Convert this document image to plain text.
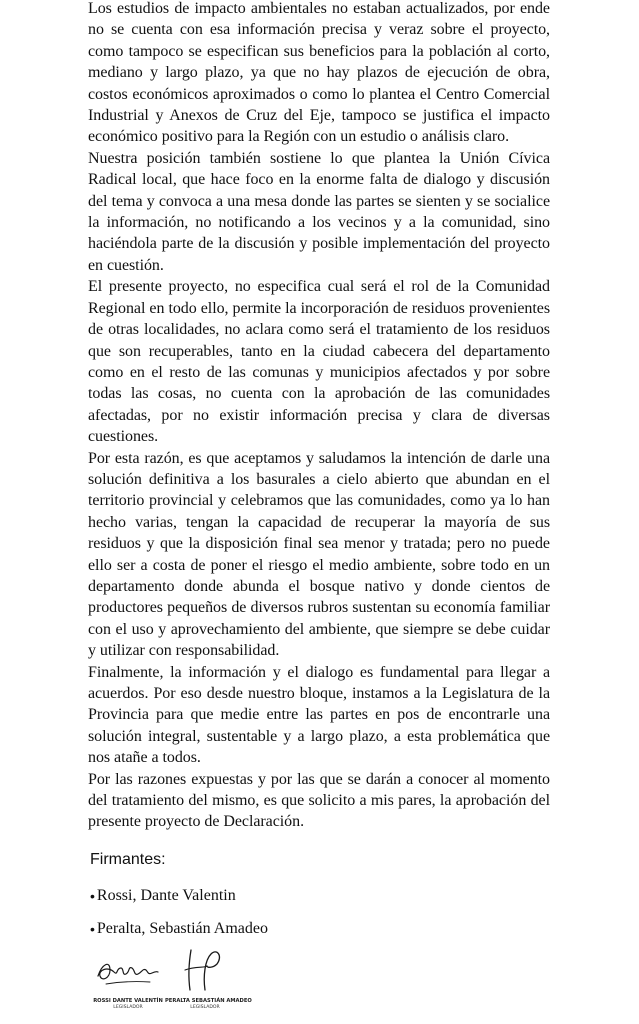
Los estudios de impacto ambientales no estaban actualizados, por ende no se cuenta con esa información precisa y veraz sobre el proyecto, como tampoco se especifican sus beneficios para la población al corto, mediano y largo plazo, ya que no hay plazos de ejecución de obra, costos económicos aproximados o como lo plantea el Centro Comercial Industrial y Anexos de Cruz del Eje, tampoco se justifica el impacto económico positivo para la Región con un estudio o análisis claro.

Nuestra posición también sostiene lo que plantea la Unión Cívica Radical local, que hace foco en la enorme falta de dialogo y discusión del tema y convoca a una mesa donde las partes se sienten y se socialice la información, no notificando a los vecinos y a la comunidad, sino haciéndola parte de la discusión y posible implementación del proyecto en cuestión.

El presente proyecto, no especifica cual será el rol de la Comunidad Regional en todo ello, permite la incorporación de residuos provenientes de otras localidades, no aclara como será el tratamiento de los residuos que son recuperables, tanto en la ciudad cabecera del departamento como en el resto de las comunas y municipios afectados y por sobre todas las cosas, no cuenta con la aprobación de las comunidades afectadas, por no existir información precisa y clara de diversas cuestiones.

Por esta razón, es que aceptamos y saludamos la intención de darle una solución definitiva a los basurales a cielo abierto que abundan en el territorio provincial y celebramos que las comunidades, como ya lo han hecho varias, tengan la capacidad de recuperar la mayoría de sus residuos y que la disposición final sea menor y tratada; pero no puede ello ser a costa de poner el riesgo el medio ambiente, sobre todo en un departamento donde abunda el bosque nativo y donde cientos de productores pequeños de diversos rubros sustentan su economía familiar con el uso y aprovechamiento del ambiente, que siempre se debe cuidar y utilizar con responsabilidad.

Finalmente, la información y el dialogo es fundamental para llegar a acuerdos. Por eso desde nuestro bloque, instamos a la Legislatura de la Provincia para que medie entre las partes en pos de encontrarle una solución integral, sustentable y a largo plazo, a esta problemática que nos atañe a todos.

Por las razones expuestas y por las que se darán a conocer al momento del tratamiento del mismo, es que solicito a mis pares, la aprobación del presente proyecto de Declaración.

Firmantes:

• Rossi, Dante Valentin
• Peralta, Sebastián Amadeo
ROSSI DANTE VALENTÍN
LEGISLADOR
PERALTA SEBASTIÁN AMADEO
LEGISLADOR
